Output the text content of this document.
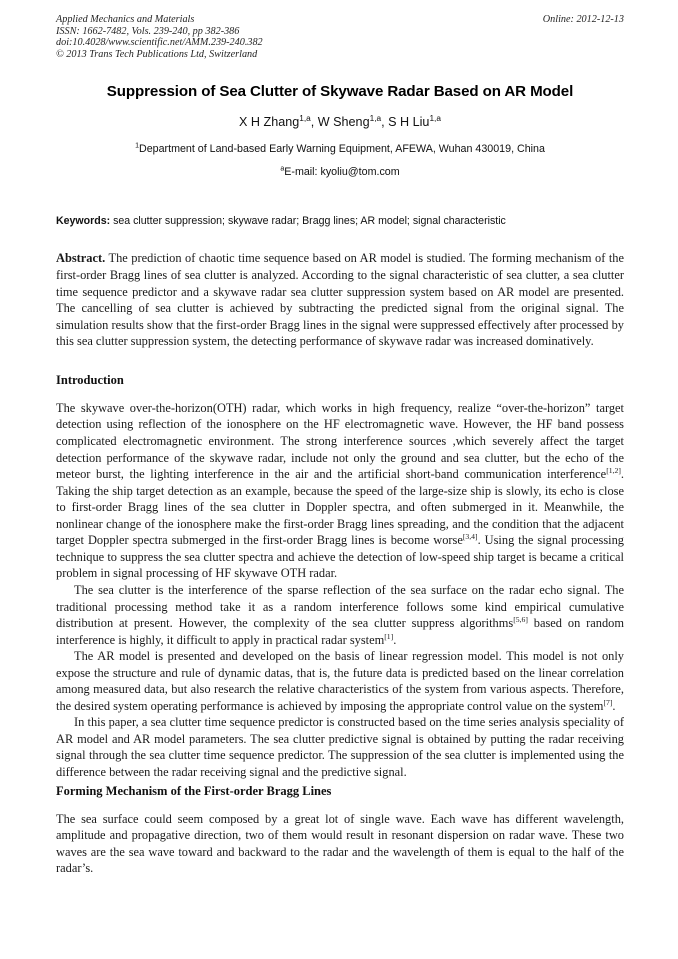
Applied Mechanics and Materials
ISSN: 1662-7482, Vols. 239-240, pp 382-386
doi:10.4028/www.scientific.net/AMM.239-240.382
© 2013 Trans Tech Publications Ltd, Switzerland
Online: 2012-12-13
Suppression of Sea Clutter of Skywave Radar Based on AR Model
X H Zhang$^{1,a}$, W Sheng$^{1,a}$, S H Liu$^{1,a}$
$^1$Department of Land-based Early Warning Equipment, AFEWA, Wuhan 430019, China
$^a$E-mail: kyoliu@tom.com
Keywords: sea clutter suppression; skywave radar; Bragg lines; AR model; signal characteristic
Abstract. The prediction of chaotic time sequence based on AR model is studied. The forming mechanism of the first-order Bragg lines of sea clutter is analyzed. According to the signal characteristic of sea clutter, a sea clutter time sequence predictor and a skywave radar sea clutter suppression system based on AR model are presented. The cancelling of sea clutter is achieved by subtracting the predicted signal from the original signal. The simulation results show that the first-order Bragg lines in the signal were suppressed effectively after processed by this sea clutter suppression system, the detecting performance of skywave radar was increased dominatively.
Introduction

The skywave over-the-horizon(OTH) radar, which works in high frequency, realize “over-the-horizon” target detection using reflection of the ionosphere on the HF electromagnetic wave. However, the HF band possess complicated electromagnetic environment. The strong interference sources ,which severely affect the target detection performance of the skywave radar, include not only the ground and sea clutter, but the echo of the meteor burst, the lighting interference in the air and the artificial short-band communication interference[1,2]. Taking the ship target detection as an example, because the speed of the large-size ship is slowly, its echo is close to first-order Bragg lines of the sea clutter in Doppler spectra, and often submerged in it. Meanwhile, the nonlinear change of the ionosphere make the first-order Bragg lines spreading, and the condition that the adjacent target Doppler spectra submerged in the first-order Bragg lines is become worse[3,4]. Using the signal processing technique to suppress the sea clutter spectra and achieve the detection of low-speed ship target is became a critical problem in signal processing of HF skywave OTH radar.

The sea clutter is the interference of the sparse reflection of the sea surface on the radar echo signal. The traditional processing method take it as a random interference follows some kind empirical cumulative distribution at present. However, the complexity of the sea clutter suppress algorithms[5,6] based on random interference is highly, it difficult to apply in practical radar system[1].

The AR model is presented and developed on the basis of linear regression model. This model is not only expose the structure and rule of dynamic datas, that is, the future data is predicted based on the linear correlation among measured data, but also research the relative characteristics of the system from various aspects. Therefore, the desired system operating performance is achieved by imposing the appropriate control value on the system[7].

In this paper, a sea clutter time sequence predictor is constructed based on the time series analysis speciality of AR model and AR model parameters. The sea clutter predictive signal is obtained by putting the radar receiving signal through the sea clutter time sequence predictor. The suppression of the sea clutter is implemented using the difference between the radar receiving signal and the predictive signal.

Forming Mechanism of the First-order Bragg Lines

The sea surface could seem composed by a great lot of single wave. Each wave has different wavelength, amplitude and propagative direction, two of them would result in resonant dispersion on radar wave. These two waves are the sea wave toward and backward to the radar and the wavelength of them is equal to the half of the radar’s.
